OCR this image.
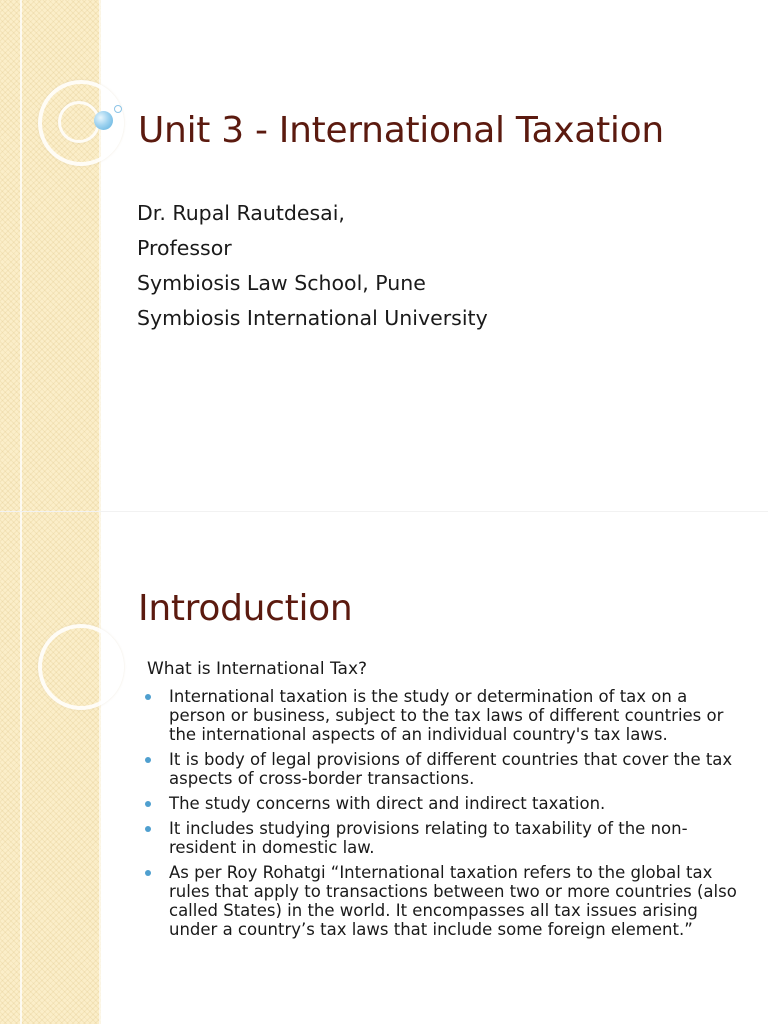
Unit 3 - International Taxation
Dr. Rupal Rautdesai,
Professor
Symbiosis Law School, Pune
Symbiosis International University
Introduction

What is International Tax?

International taxation is the study or determination of tax on a person or business, subject to the tax laws of different countries or the international aspects of an individual country's tax laws.
It is body of legal provisions of different countries that cover the tax aspects of cross-border transactions.
The study concerns with direct and indirect taxation.
It includes studying provisions relating to taxability of the non-resident in domestic law.
As per Roy Rohatgi “International taxation refers to the global tax rules that apply to transactions between two or more countries (also called States) in the world. It encompasses all tax issues arising under a country’s tax laws that include some foreign element.”
